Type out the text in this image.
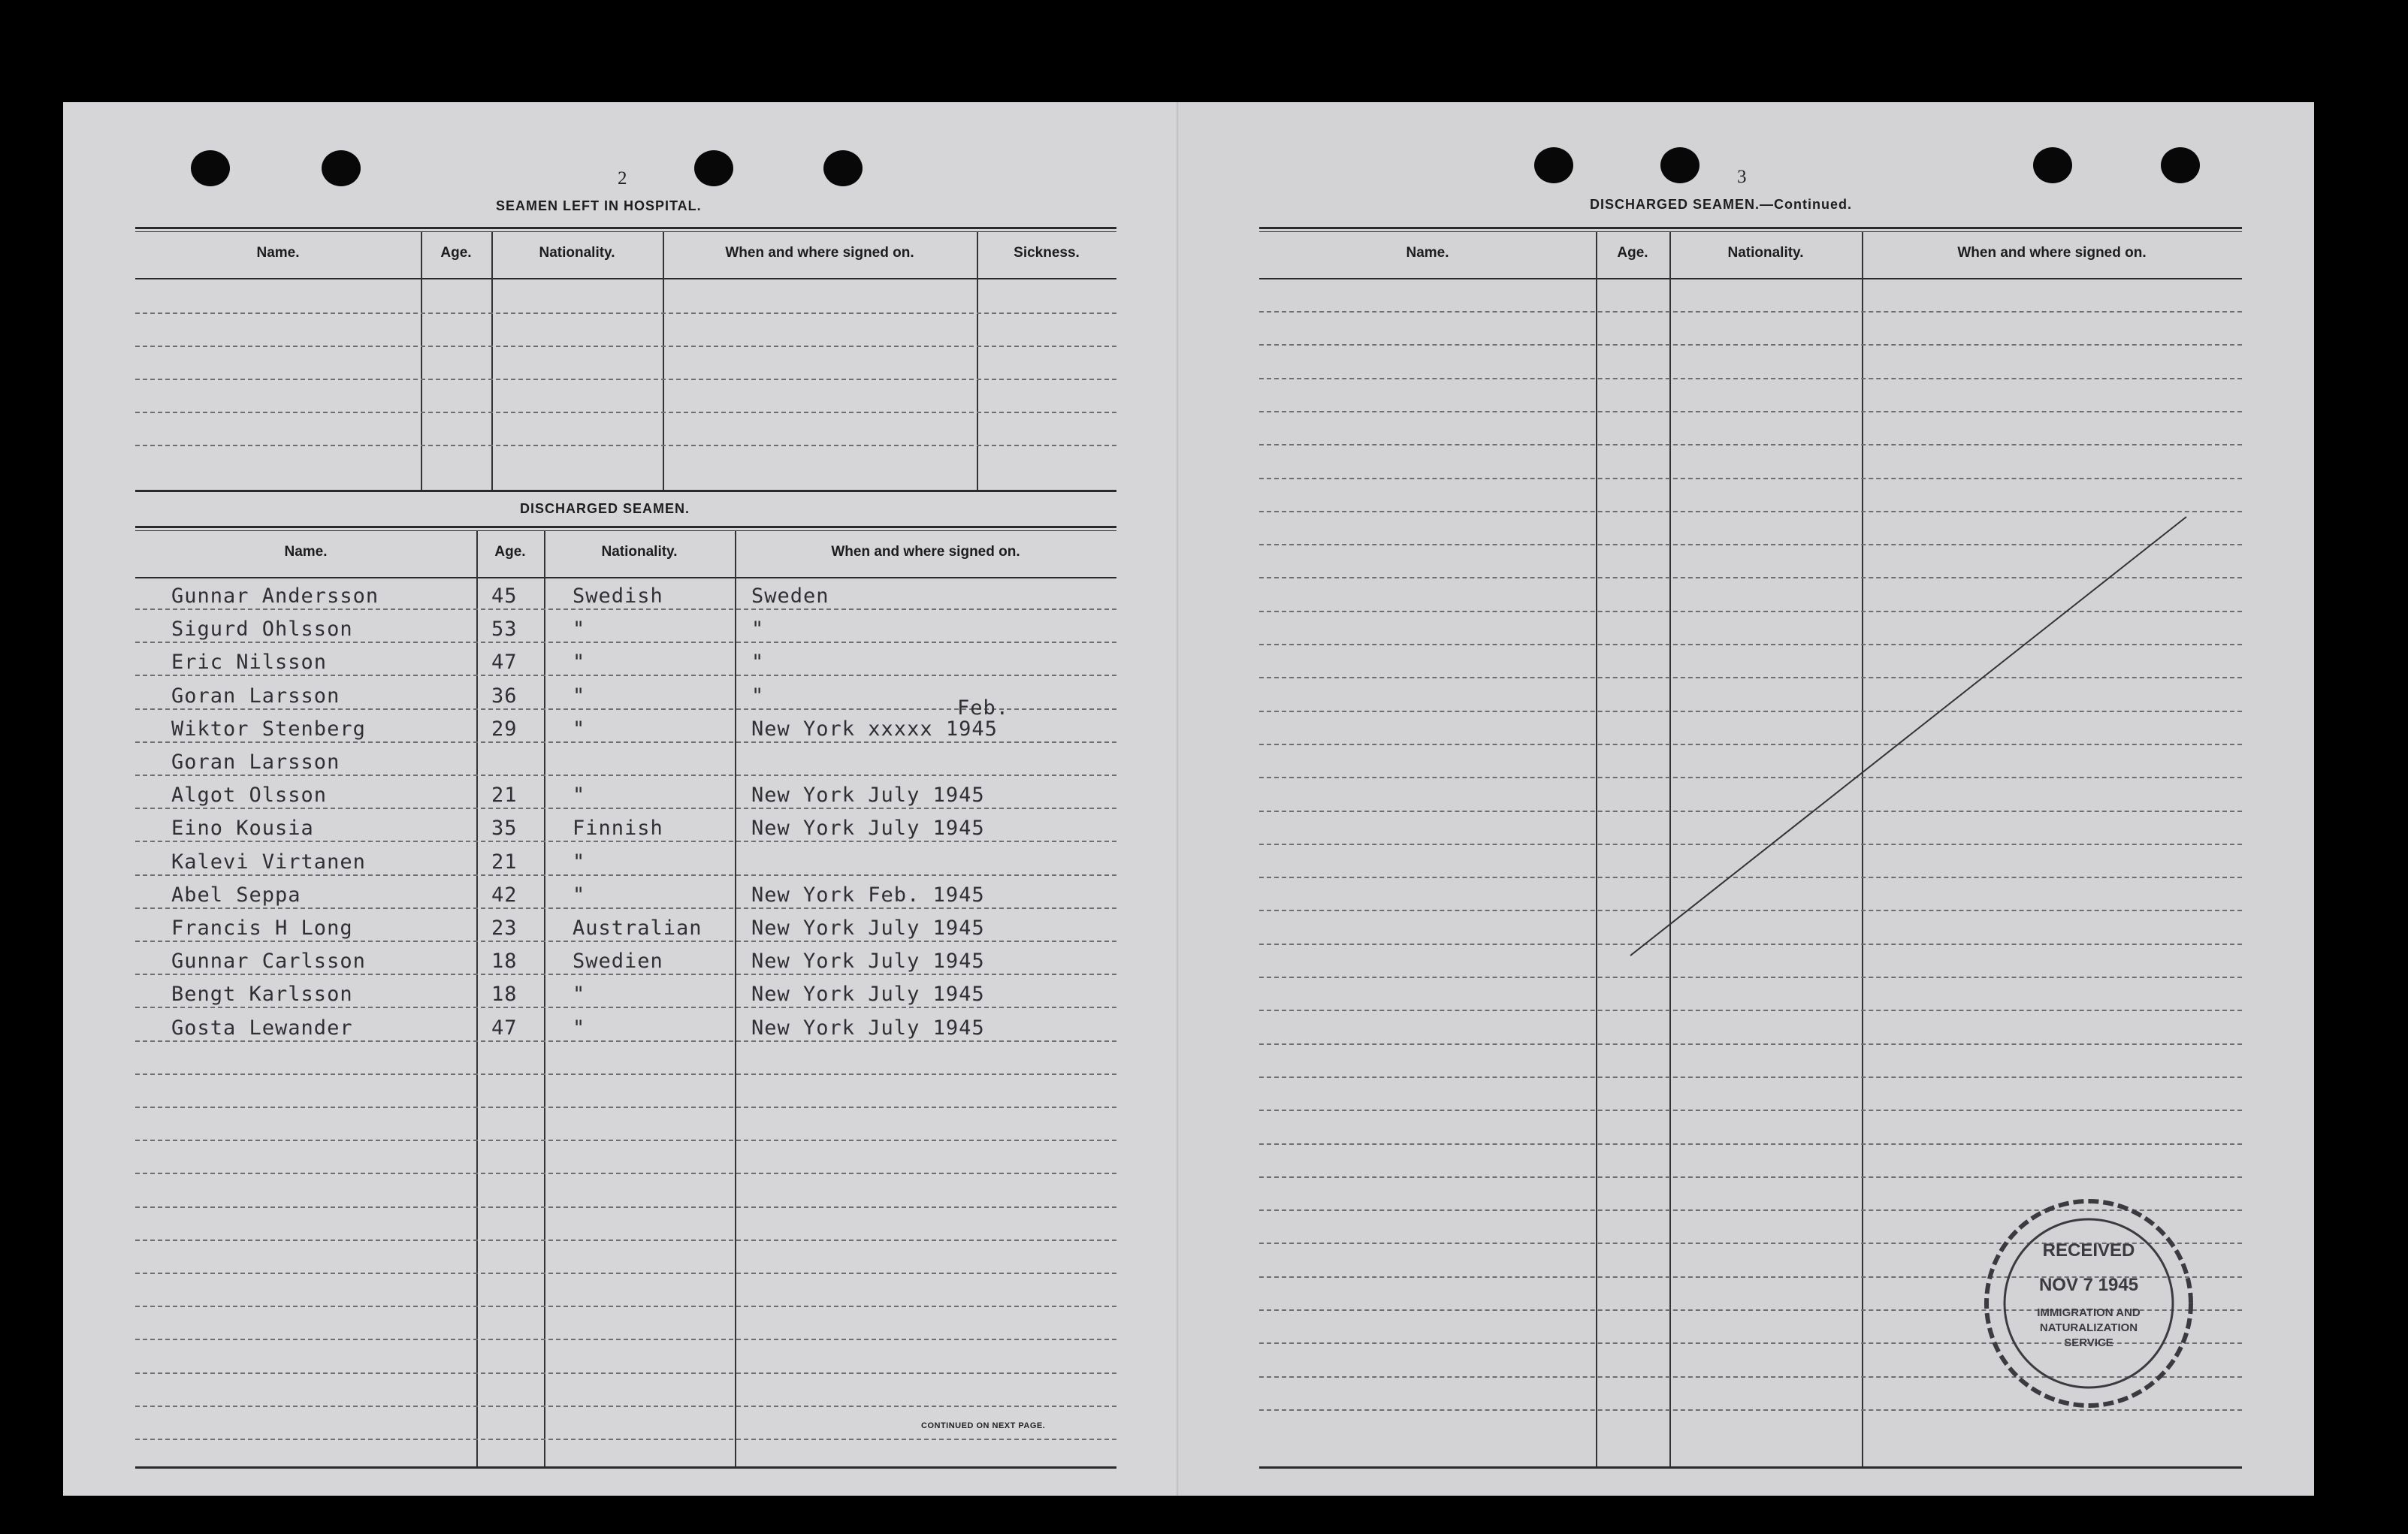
2
SEAMEN LEFT IN HOSPITAL.
Name.	Age.	Nationality.	When and where signed on.	Sickness.
DISCHARGED SEAMEN.
Name.	Age.	Nationality.	When and where signed on.
Gunnar Andersson	45	Swedish	Sweden
Sigurd Ohlsson	53	"	"
Eric Nilsson	47	"	"
Goran Larsson	36	"	"
Wiktor Stenberg	29	"	New York xxxxx 1945
Feb.
Goran Larsson
Algot Olsson	21	"	New York July 1945
Eino Kousia	35	Finnish	New York July 1945
Kalevi Virtanen	21	"
Abel Seppa	42	"	New York Feb. 1945
Francis H Long	23	Australian New York July 1945
Gunnar Carlsson	18	Swedien	New York July 1945
Bengt Karlsson	18	"	New York July 1945
Gosta Lewander	47	"	New York July 1945
CONTINUED ON NEXT PAGE.
3
DISCHARGED SEAMEN.—Continued.
Name.	Age.	Nationality.	When and where signed on.
RECEIVED
NOV 7 1945
IMMIGRATION AND
NATURALIZATION
SERVICE
